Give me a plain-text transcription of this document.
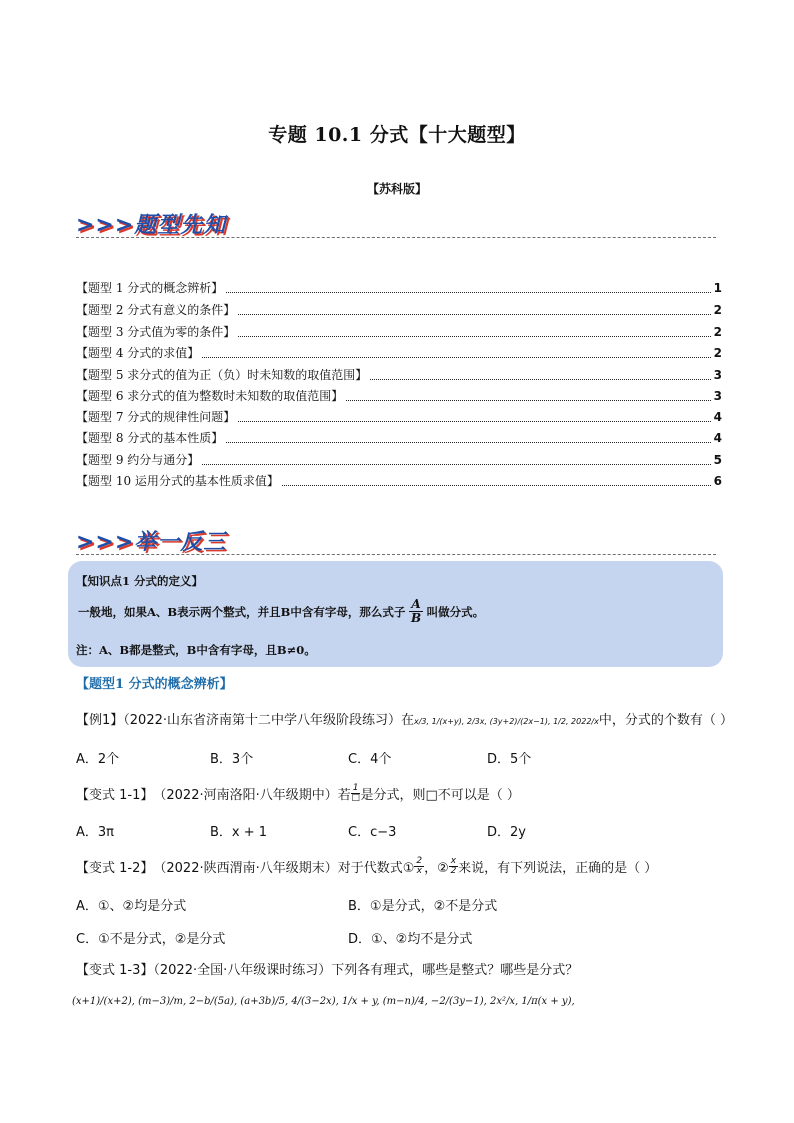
专题 10.1 分式【十大题型】
【苏科版】
>>>题型先知
【题型 1 分式的概念辨析】	1
【题型 2 分式有意义的条件】	2
【题型 3 分式值为零的条件】	2
【题型 4 分式的求值】	2
【题型 5 求分式的值为正（负）时未知数的取值范围】	3
【题型 6 求分式的值为整数时未知数的取值范围】	3
【题型 7 分式的规律性问题】	4
【题型 8 分式的基本性质】	4
【题型 9 约分与通分】	5
【题型 10 运用分式的基本性质求值】	6
>>>举一反三
【知识点1 分式的定义】
一般地，如果A、B表示两个整式，并且B中含有字母，那么式子 $\frac{A}{B}$ 叫做分式。
注：A、B都是整式，B中含有字母，且B≠0。
【题型1 分式的概念辨析】
【例1】（2022·山东省济南第十二中学八年级阶段练习）在x/3, 1/(x+y), 2/3x, (3y+2)/(2x−1), 1/2, 2022/x中，分式的个数有（ ）
A．2个	B．3个	C．4个	D．5个
【变式 1-1】 （2022·河南洛阳·八年级期中）若 $\frac{1}{□}$ 是分式，则□不可以是（ ）
A．3π	B．x + 1	C．c−3	D．2y
【变式 1-2】 （2022·陕西渭南·八年级期末）对于代数式① $\frac{2}{x}$ ，② $\frac{x}{2}$ 来说，有下列说法，正确的是（ ）
A．①、②均是分式	B．①是分式，②不是分式
C．①不是分式，②是分式	D．①、②均不是分式
【变式 1-3】（2022·全国·八年级课时练习）下列各有理式，哪些是整式？哪些是分式？
(x+1)/(x+2), (m−3)/m, 2−b/(5a), (a+3b)/5, 4/(3−2x), 1/x + y, (m−n)/4, −2/(3y−1), 2x²/x, 1/π(x + y),
